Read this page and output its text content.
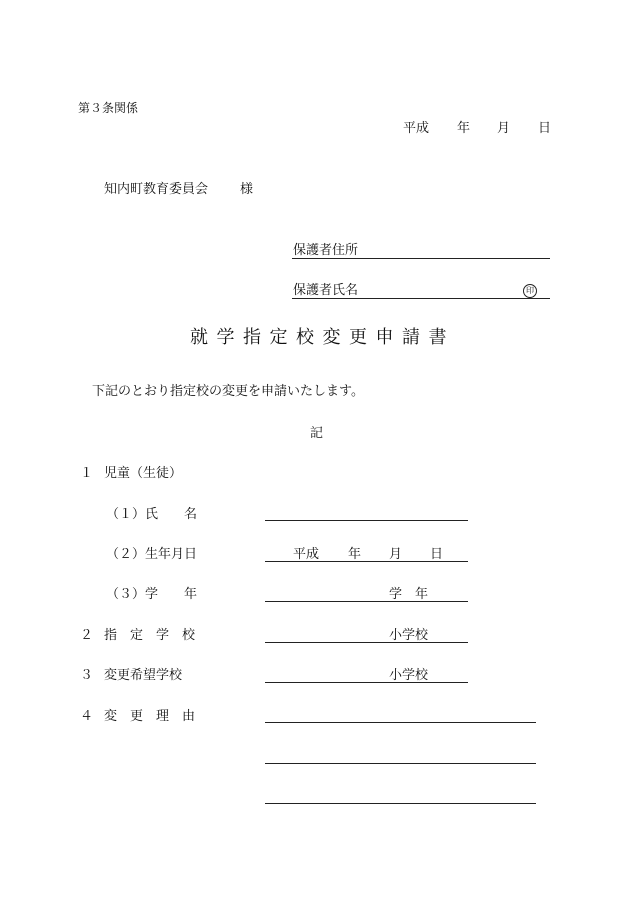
第３条関係
平成 年 月 日
知内町教育委員会 様
保護者住所
保護者氏名	印
就学指定校変更申請書
下記のとおり指定校の変更を申請いたします。
記
１ 児童（生徒）
（１）氏　　名
（２）生年月日	平成 年 月 日
（３）学　　年	学　年
２ 指　定　学　校	小学校
３ 変更希望学校	小学校
４ 変　更　理　由
